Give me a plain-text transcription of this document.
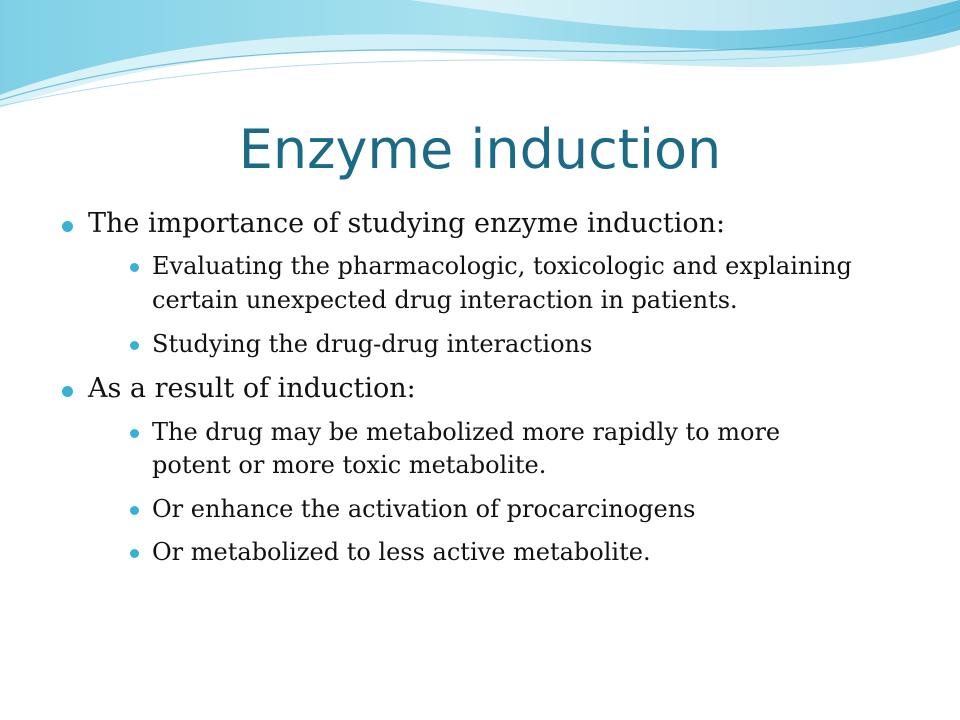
Enzyme induction
The importance of studying enzyme induction:
Evaluating the pharmacologic, toxicologic and explaining certain unexpected drug interaction in patients.
Studying the drug-drug interactions
As a result of induction:
The drug may be metabolized more rapidly to more potent or more toxic metabolite.
Or enhance the activation of procarcinogens
Or metabolized to less active metabolite.
